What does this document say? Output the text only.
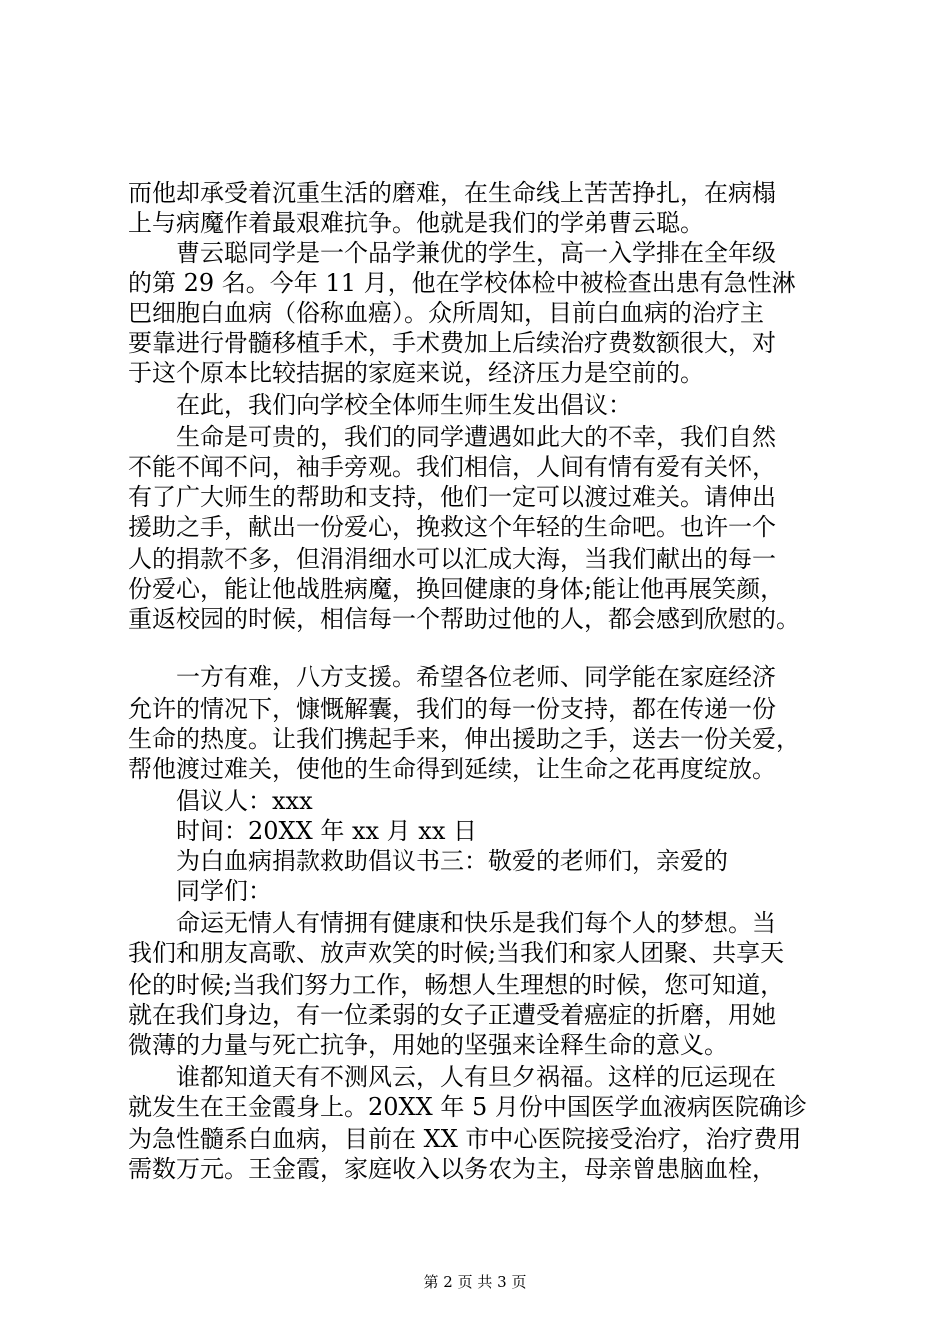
而他却承受着沉重生活的磨难，在生命线上苦苦挣扎，在病榻
上与病魔作着最艰难抗争。他就是我们的学弟曹云聪。
曹云聪同学是一个品学兼优的学生，高一入学排在全年级
的第 29 名。今年 11 月，他在学校体检中被检查出患有急性淋
巴细胞白血病（俗称血癌）。众所周知，目前白血病的治疗主
要靠进行骨髓移植手术，手术费加上后续治疗费数额很大，对
于这个原本比较拮据的家庭来说，经济压力是空前的。
在此，我们向学校全体师生师生发出倡议：
生命是可贵的，我们的同学遭遇如此大的不幸，我们自然
不能不闻不问，袖手旁观。我们相信，人间有情有爱有关怀，
有了广大师生的帮助和支持，他们一定可以渡过难关。请伸出
援助之手，献出一份爱心，挽救这个年轻的生命吧。也许一个
人的捐款不多，但涓涓细水可以汇成大海，当我们献出的每一
份爱心，能让他战胜病魔，换回健康的身体;能让他再展笑颜，
重返校园的时候，相信每一个帮助过他的人，都会感到欣慰的。
一方有难，八方支援。希望各位老师、同学能在家庭经济
允许的情况下，慷慨解囊，我们的每一份支持，都在传递一份
生命的热度。让我们携起手来，伸出援助之手，送去一份关爱，
帮他渡过难关，使他的生命得到延续，让生命之花再度绽放。
倡议人：xxx
时间：20XX 年 xx 月 xx 日
为白血病捐款救助倡议书三：敬爱的老师们，亲爱的
同学们：
命运无情人有情拥有健康和快乐是我们每个人的梦想。当
我们和朋友高歌、放声欢笑的时候;当我们和家人团聚、共享天
伦的时候;当我们努力工作，畅想人生理想的时候，您可知道，
就在我们身边，有一位柔弱的女子正遭受着癌症的折磨，用她
微薄的力量与死亡抗争，用她的坚强来诠释生命的意义。
谁都知道天有不测风云，人有旦夕祸福。这样的厄运现在
就发生在王金霞身上。20XX 年 5 月份中国医学血液病医院确诊
为急性髓系白血病，目前在 XX 市中心医院接受治疗，治疗费用
需数万元。王金霞，家庭收入以务农为主，母亲曾患脑血栓，
第 2 页 共 3 页
